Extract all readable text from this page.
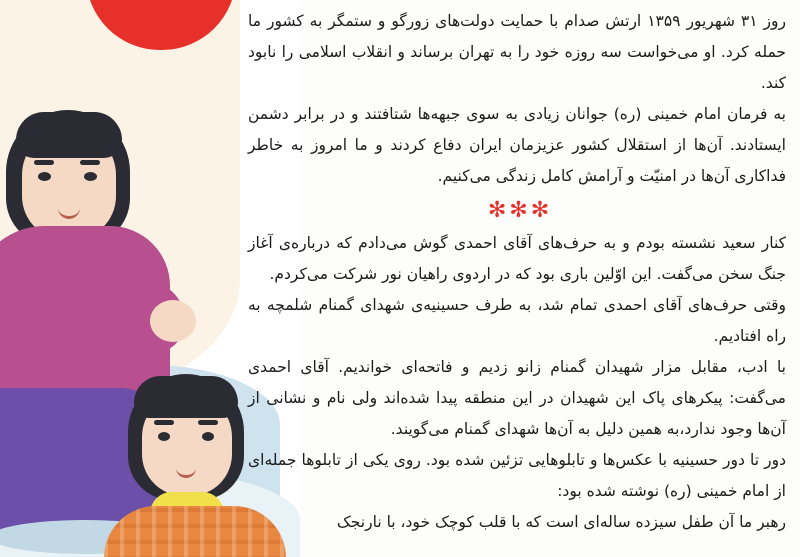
روز ۳۱ شهریور ۱۳۵۹ ارتش صدام با حمایت دولت‌های زورگو و ستمگر به کشور ما حمله کرد. او می‌خواست سه روزه خود را به تهران برساند و انقلاب اسلامی را نابود کند.

به فرمان امام خمینی (ره) جوانان زیادی به سوی جبهه‌ها شتافتند و در برابر دشمن ایستادند. آن‌ها از استقلال کشور عزیزمان ایران دفاع کردند و ما امروز به خاطر فداکاری آن‌ها در امنیّت و آرامش کامل زندگی می‌کنیم.

✻✻✻

کنار سعید نشسته بودم و به حرف‌های آقای احمدی گوش می‌دادم که درباره‌ی آغاز جنگ سخن می‌گفت. این اوّلین باری بود که در اردوی راهیان نور شرکت می‌کردم.

وقتی حرف‌های آقای احمدی تمام شد، به طرف حسینیه‌ی شهدای گمنام شلمچه به راه افتادیم.

با ادب، مقابل مزار شهیدان گمنام زانو زدیم و فاتحه‌ای خواندیم. آقای احمدی می‌گفت: پیکرهای پاک این شهیدان در این منطقه پیدا شده‌اند ولی نام و نشانی از آن‌ها وجود ندارد،به همین دلیل به آن‌ها شهدای گمنام می‌گویند.

دور تا دور حسینیه با عکس‌ها و تابلوهایی تزئین شده بود. روی یکی از تابلوها جمله‌ای از امام خمینی (ره) نوشته شده بود:

رهبر ما آن طفل سیزده ساله‌ای است که با قلب کوچک خود، با نارنجک
